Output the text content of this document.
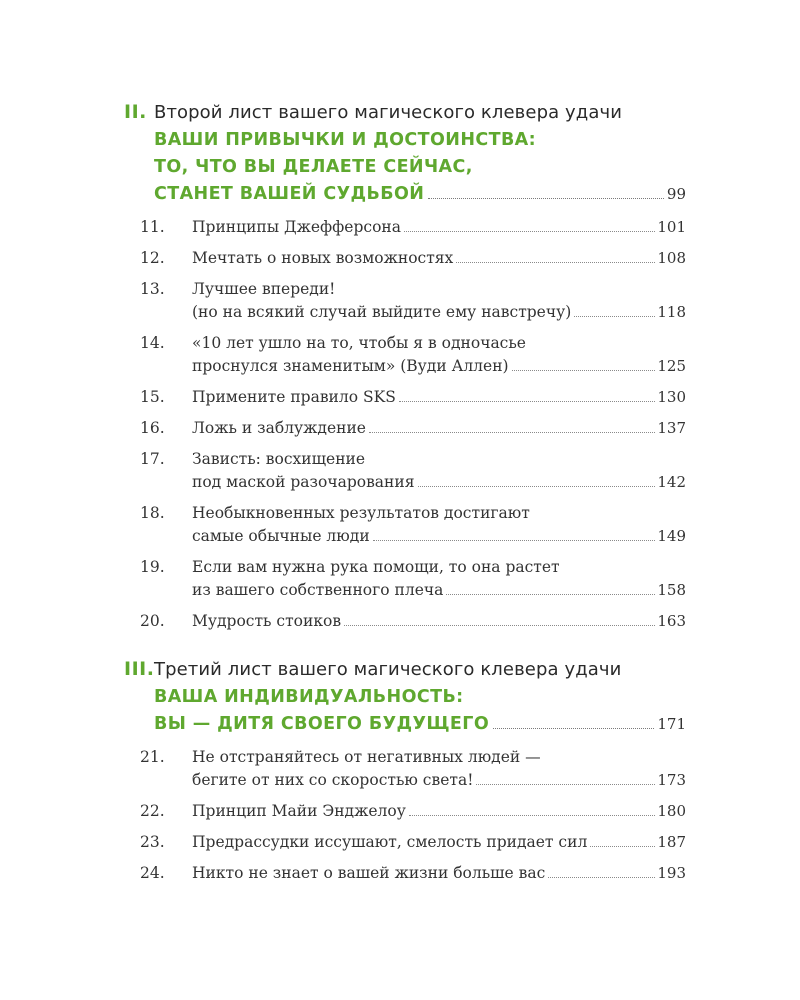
II. Второй лист вашего магического клевера удачи
ВАШИ ПРИВЫЧКИ И ДОСТОИНСТВА:
ТО, ЧТО ВЫ ДЕЛАЕТЕ СЕЙЧАС,
СТАНЕТ ВАШЕЙ СУДЬБОЙ	99
11.	Принципы Джефферсона	101
12.	Мечтать о новых возможностях	108
13.	Лучшее впереди!
(но на всякий случай выйдите ему навстречу)	118
14.	«10 лет ушло на то, чтобы я в одночасье
проснулся знаменитым» (Вуди Аллен)	125
15.	Примените правило SKS	130
16.	Ложь и заблуждение	137
17.	Зависть: восхищение
под маской разочарования	142
18.	Необыкновенных результатов достигают
самые обычные люди	149
19.	Если вам нужна рука помощи, то она растет
из вашего собственного плеча	158
20.	Мудрость стоиков	163
III. Третий лист вашего магического клевера удачи
ВАША ИНДИВИДУАЛЬНОСТЬ:
ВЫ — ДИТЯ СВОЕГО БУДУЩЕГО	171
21.	Не отстраняйтесь от негативных людей —
бегите от них со скоростью света!	173
22.	Принцип Майи Энджелоу	180
23.	Предрассудки иссушают, смелость придает сил	187
24.	Никто не знает о вашей жизни больше вас	193
